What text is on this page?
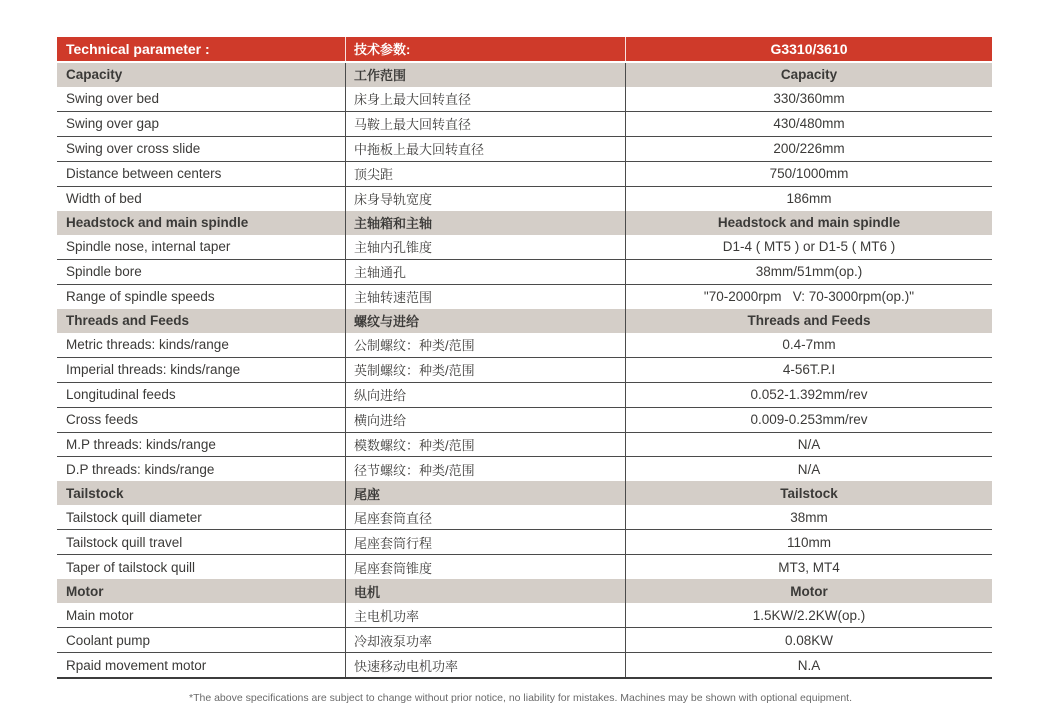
Technical parameter :	技术参数:	G3310/3610
Capacity	工作范围	Capacity
Swing over bed	床身上最大回转直径	330/360mm
Swing over gap	马鞍上最大回转直径	430/480mm
Swing over cross slide	中拖板上最大回转直径	200/226mm
Distance between centers	顶尖距	750/1000mm
Width of bed	床身导轨宽度	186mm
Headstock and main spindle	主轴箱和主轴	Headstock and main spindle
Spindle nose, internal taper	主轴内孔锥度	D1-4 ( MT5 ) or D1-5 ( MT6 )
Spindle bore	主轴通孔	38mm/51mm(op.)
Range of spindle speeds	主轴转速范围	"70-2000rpm   V: 70-3000rpm(op.)"
Threads and Feeds	螺纹与进给	Threads and Feeds
Metric threads: kinds/range	公制螺纹：种类/范围	0.4-7mm
Imperial threads: kinds/range	英制螺纹：种类/范围	4-56T.P.I
Longitudinal feeds	纵向进给	0.052-1.392mm/rev
Cross feeds	横向进给	0.009-0.253mm/rev
M.P threads: kinds/range	模数螺纹：种类/范围	N/A
D.P threads: kinds/range	径节螺纹：种类/范围	N/A
Tailstock	尾座	Tailstock
Tailstock quill diameter	尾座套筒直径	38mm
Tailstock quill travel	尾座套筒行程	110mm
Taper of tailstock quill	尾座套筒锥度	MT3, MT4
Motor	电机	Motor
Main motor	主电机功率	1.5KW/2.2KW(op.)
Coolant pump	冷却液泵功率	0.08KW
Rpaid movement motor	快速移动电机功率	N.A
*The above specifications are subject to change without prior notice, no liability for mistakes. Machines may be shown with optional equipment.
